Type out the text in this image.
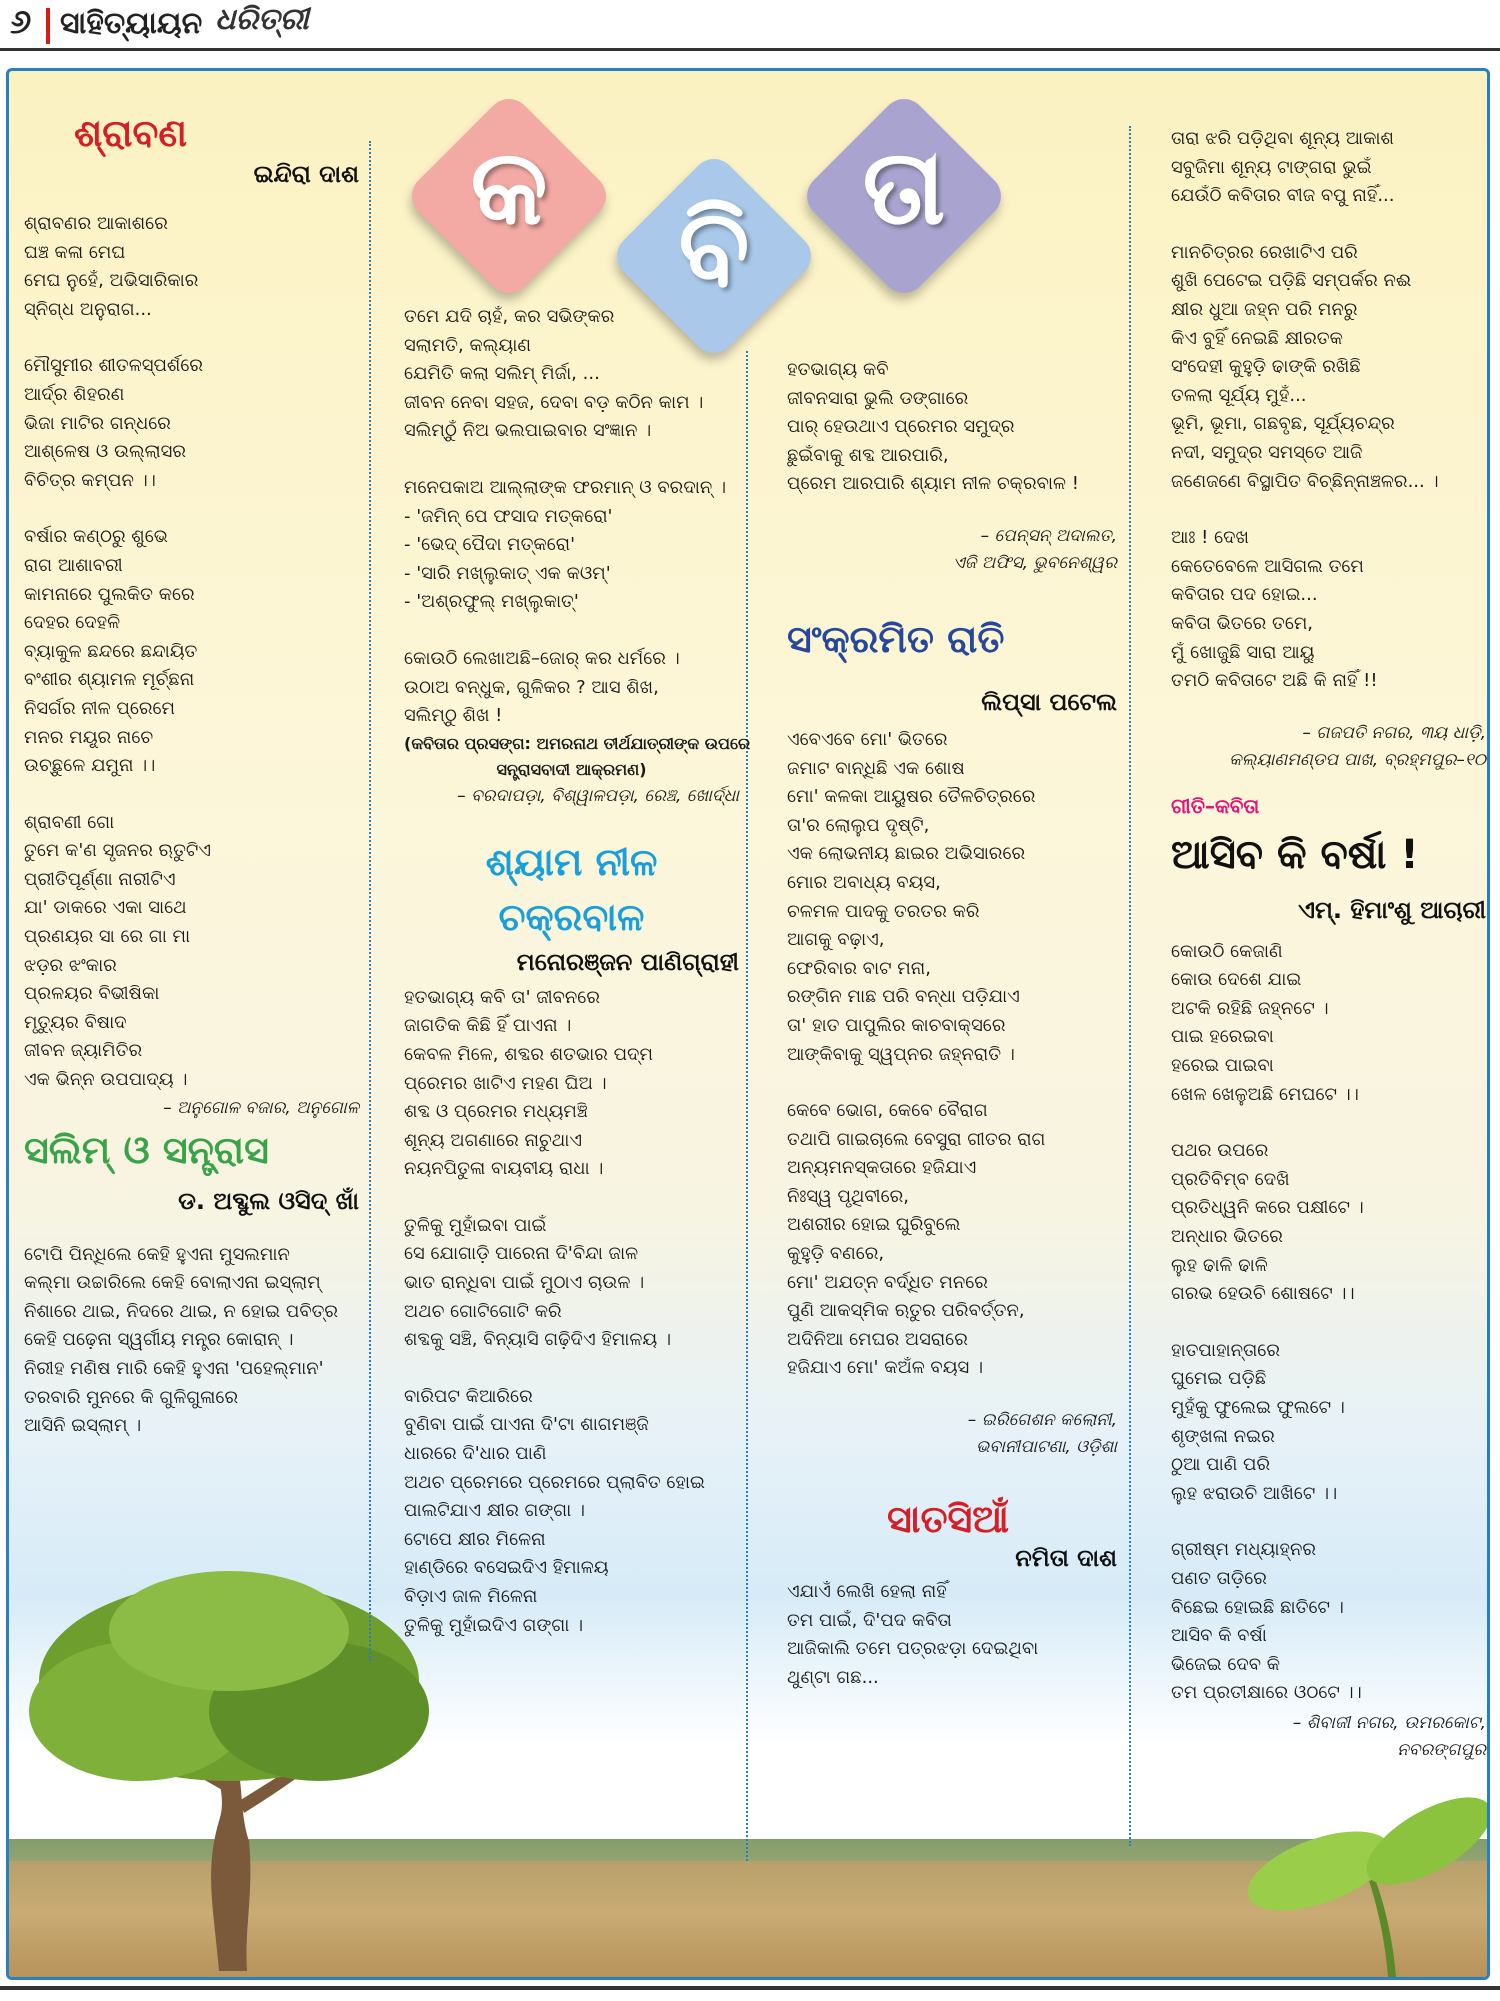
୬ ସାହିତ୍ୟାୟନ ଧରିତ୍ରୀ
କ	ବି	ତା
ଶ୍ରାବଣ
ଇନ୍ଦିରା ଦାଶ
ଶ୍ରାବଣର ଆକାଶରେ
ଘଞ୍ଚ କଳା ମେଘ
ମେଘ ନୁହେଁ, ଅଭିସାରିକାର
ସ୍ନିଗ୍ଧ ଅନୁରାଗ...
ମୌସୁମୀର ଶୀତଳସ୍ପର୍ଶରେ
ଆର୍ଦ୍ର ଶିହରଣ
ଭିଜା ମାଟିର ଗନ୍ଧରେ
ଆଶ୍ଳେଷ ଓ ଉଲ୍ଲାସର
ବିଚିତ୍ର କମ୍ପନ ।।
ବର୍ଷାର କଣ୍ଠରୁ ଶୁଭେ
ରାଗ ଆଶାବରୀ
କାମନାରେ ପୁଲକିତ କରେ
ଦେହର ଦେହଳି
ବ୍ୟାକୁଳ ଛନ୍ଦରେ ଛନ୍ଦାୟିତ
ବଂଶୀର ଶ୍ୟାମଳ ମୂର୍ଚ୍ଛନା
ନିସର୍ଗର ନୀଳ ପ୍ରେମେ
ମନର ମୟୂର ନାଚେ
ଉଚ୍ଛୁଳେ ଯମୁନା ।।
ଶ୍ରାବଣୀ ଗୋ
ତୁମେ କ'ଣ ସୃଜନର ଋତୁଟିଏ
ପ୍ରୀତିପୂର୍ଣ୍ଣା ନାରୀଟିଏ
ଯା' ଡାକରେ ଏକା ସାଥେ
ପ୍ରଣୟର ସା ରେ ଗା ମା
ଝଡ଼ର ଝଂକାର
ପ୍ରଳୟର ବିଭୀଷିକା
ମୃତ୍ୟୁର ବିଷାଦ
ଜୀବନ ଜ୍ୟାମିତିର
ଏକ ଭିନ୍ନ ଉପପାଦ୍ୟ ।
– ଅନୁଗୋଳ ବଜାର, ଅନୁଗୋଳ
ସଲିମ୍ ଓ ସନ୍ତ୍ରାସ
ଡ. ଅବ୍ଦୁଲ ଓସିଦ୍ ଖାଁ
ଟୋପି ପିନ୍ଧିଲେ କେହି ହୁଏନା ମୁସଲମାନ
କଲ୍‌ମା ଉଚ୍ଚାରିଲେ କେହି ବୋଲାଏନା ଇସ୍‌ଲାମ୍
ନିଶାରେ ଥାଇ, ନିଦରେ ଥାଇ, ନ ହୋଇ ପବିତ୍ର
କେହି ପଢ଼େନା ସ୍ୱର୍ଗୀୟ ମନ୍ତ୍ର କୋରାନ୍ ।
ନିରୀହ ମଣିଷ ମାରି କେହି ହୁଏନା 'ପହେଲ୍‌ମାନ'
ତରବାରି ମୁନରେ କି ଗୁଳିଗୁଳାରେ
ଆସିନି ଇସ୍‌ଲାମ୍ ।
ତମେ ଯଦି ଚାହଁ, କର ସଭିଙ୍କର
ସଲାମତି, କଲ୍ୟାଣ
ଯେମିତି କଲା ସଲିମ୍ ମିର୍ଜା, ...
ଜୀବନ ନେବା ସହଜ, ଦେବା ବଡ଼ କଠିନ କାମ ।
ସଲିମ୍‌ଠୁଁ ନିଅ ଭଲପାଇବାର ସଂଜ୍ଞାନ ।
ମନେପକାଅ ଆଲ୍ଲାଙ୍କ ଫରମାନ୍ ଓ ବରଦାନ୍ ।
- 'ଜମିନ୍ ପେ ଫସାଦ ମତ୍‌କରୋ'
- 'ଭେଦ୍ ପୈଦା ମତ୍‌କରୋ'
- 'ସାରି ମଖ୍‌ଲୁକାତ୍ ଏକ କଓମ୍'
- 'ଅଶ୍‌ରଫୁଲ୍ ମଖ୍‌ଲୁକାତ୍'
କୋଉଠି ଲେଖାଅଛି–ଜୋର୍ କର ଧର୍ମରେ ।
ଉଠାଅ ବନ୍ଧୁକ, ଗୁଳିକର ? ଆସ ଶିଖ,
ସଲିମ୍‌ଠୁ ଶିଖ !
(କବିତାର ପ୍ରସଙ୍ଗ: ଅମରନାଥ ତୀର୍ଥଯାତ୍ରୀଙ୍କ ଉପରେ
ସନ୍ତ୍ରାସବାଦୀ ଆକ୍ରମଣ)
– ବରଦାପଡ଼ା, ବିଶ୍ୱାଳପଡ଼ା, ରେଞ୍ଚ, ଖୋର୍ଦ୍ଧା
ଶ୍ୟାମ ନୀଳ
ଚକ୍ରବାଳ
ମନୋରଞ୍ଜନ ପାଣିଗ୍ରାହୀ
ହତଭାଗ୍ୟ କବି ତା' ଜୀବନରେ
ଜାଗତିକ କିଛି ହିଁ ପାଏନା ।
କେବଳ ମିଳେ, ଶବ୍ଦର ଶତଭାର ପଦ୍ମ
ପ୍ରେମର ଖାଟିଏ ମହଣ ଘିଅ ।
ଶବ୍ଦ ଓ ପ୍ରେମର ମଧ୍ୟମଞ୍ଚି
ଶୂନ୍ୟ ଅଗଣାରେ ନାଚୁଥାଏ
ନୟନପିତୁଳା ବାୟବୀୟ ରାଧା ।
ତୁଳିକୁ ମୁହାଁଇବା ପାଇଁ
ସେ ଯୋଗାଡ଼ି ପାରେନା ଦି'ବିନ୍ଦା ଜାଳ
ଭାତ ରାନ୍ଧିବା ପାଇଁ ମୁଠାଏ ଚାଉଳ ।
ଅଥଚ ଗୋଟିଗୋଟି କରି
ଶବ୍ଦକୁ ସଞ୍ଚି, ବିନ୍ୟାସି ଗଢ଼ିଦିଏ ହିମାଳୟ ।
ବାରିପଟ କିଆରିରେ
ବୁଣିବା ପାଇଁ ପାଏନା ଦି'ଟା ଶାଗମଞ୍ଜି
ଧାରରେ ଦି'ଧାର ପାଣି
ଅଥଚ ପ୍ରେମରେ ପ୍ରେମରେ ପ୍ଲାବିତ ହୋଇ
ପାଲଟିଯାଏ କ୍ଷୀର ଗଙ୍ଗା ।
ଟୋପେ କ୍ଷୀର ମିଳେନା
ହାଣ୍ଡିରେ ବସେଇଦିଏ ହିମାଳୟ
ବିଡ଼ାଏ ଜାଳ ମିଳେନା
ତୁଳିକୁ ମୁହାଁଇଦିଏ ଗଙ୍ଗା ।
ହତଭାଗ୍ୟ କବି
ଜୀବନସାରା ଭୁଲି ଡଙ୍ଗାରେ
ପାର୍ ହେଉଥାଏ ପ୍ରେମର ସମୁଦ୍ର
ଛୁଇଁବାକୁ ଶବ୍ଦ ଆରପାରି,
ପ୍ରେମ ଆରପାରି ଶ୍ୟାମ ନୀଳ ଚକ୍ରବାଳ !
– ପେନ୍‌ସନ୍ ଅଦାଲତ,
ଏଜି ଅଫିସ, ଭୁବନେଶ୍ୱର
ସଂକ୍ରମିତ ରାତି
ଲିପ୍‌ସା ପଟେଲ
ଏବେଏବେ ମୋ' ଭିତରେ
ଜମାଟ ବାନ୍ଧିଛି ଏକ ଶୋଷ
ମୋ' କଳକା ଆୟୁଷର ତୈଳଚିତ୍ରରେ
ତା'ର ଲୋଲୁପ ଦୃଷ୍ଟି,
ଏକ ଲୋଭନୀୟ ଛାଇର ଅଭିସାରରେ
ମୋର ଅବାଧ୍ୟ ବୟସ,
ଚଳମଳ ପାଦକୁ ତରତର କରି
ଆଗକୁ ବଢ଼ାଏ,
ଫେରିବାର ବାଟ ମନା,
ରଙ୍ଗିନ ମାଛ ପରି ବନ୍ଧା ପଡ଼ିଯାଏ
ତା' ହାତ ପାପୁଲିର କାଚବାକ୍ସରେ
ଆଙ୍କିବାକୁ ସ୍ୱପ୍ନର ଜହ୍ନରାତି ।
କେବେ ଭୋଗ, କେବେ ବୈରାଗ
ତଥାପି ଗାଇଚାଲେ ବେସୁରା ଗୀତର ରାଗ
ଅନ୍ୟମନସ୍କତାରେ ହଜିଯାଏ
ନିଃସ୍ୱ ପୃଥିବୀରେ,
ଅଶରୀର ହୋଇ ଘୁରିବୁଲେ
କୁହୁଡ଼ି ବଣରେ,
ମୋ' ଅଯତ୍ନ ବର୍ଦ୍ଧିତ ମନରେ
ପୁଣି ଆକସ୍ମିକ ଋତୁର ପରିବର୍ତ୍ତନ,
ଅଦିନିଆ ମେଘର ଅସରାରେ
ହଜିଯାଏ ମୋ' କଅଁଳ ବୟସ ।
– ଇରିଗେଶନ କଲୋନୀ,
ଭବାନୀପାଟଣା, ଓଡ଼ିଶା
ସାତସିଆଁ
ନମିତା ଦାଶ
ଏଯାଏଁ ଲେଖି ହେଲା ନାହିଁ
ତମ ପାଇଁ, ଦି'ପଦ କବିତା
ଆଜିକାଲି ତମେ ପତ୍ରଝଡ଼ା ଦେଇଥିବା
ଥୁଣ୍ଟା ଗଛ...
ତାରା ଝରି ପଡ଼ିଥିବା ଶୂନ୍ୟ ଆକାଶ
ସବୁଜିମା ଶୂନ୍ୟ ଟାଙ୍ଗରା ଭୁଇଁ
ଯେଉଁଠି କବିତାର ବୀଜ ବପୁ ନାହିଁ...
ମାନଚିତ୍ରର ରେଖାଟିଏ ପରି
ଶୁଖି ପେଟେଇ ପଡ଼ିଛି ସମ୍ପର୍କର ନଈ
କ୍ଷୀର ଧୁଆ ଜହ୍ନ ପରି ମନରୁ
କିଏ ବୁହିଁ ନେଇଛି କ୍ଷୀରତକ
ସଂଦେହୀ କୁହୁଡ଼ି ଢାଙ୍କି ରଖିଛି
ତଳଲା ସୂର୍ଯ୍ୟ ମୁହଁ...
ଭୂମି, ଭୂମା, ଗଛବୃଛ, ସୂର୍ଯ୍ୟଚନ୍ଦ୍ର
ନଦୀ, ସମୁଦ୍ର ସମସ୍ତେ ଆଜି
ଜଣେଜଣେ ବିସ୍ଥାପିତ ବିଚ୍ଛିନ୍ନାଞ୍ଚଳର... ।
ଆଃ ! ଦେଖ
କେତେବେଳେ ଆସିଗଲ ତମେ
କବିତାର ପଦ ହୋଇ...
କବିତା ଭିତରେ ତମେ,
ମୁଁ ଖୋଜୁଛି ସାରା ଆୟୁ
ତମଠି କବିତାଟେ ଅଛି କି ନାହିଁ !!
– ଗଜପତି ନଗର, ୩ୟ ଧାଡ଼ି,
କଲ୍ୟାଣମଣ୍ଡପ ପାଖ, ବ୍ରହ୍ମପୁର–୧୦
ଗୀତି–କବିତା
ଆସିବ କି ବର୍ଷା !
ଏମ୍. ହିମାଂଶୁ ଆଚାରୀ
କୋଉଠି କେଜାଣି
କୋଉ ଦେଶେ ଯାଇ
ଅଟକି ରହିଛି ଜହ୍ନଟେ ।
ପାଇ ହରେଇବା
ହରେଇ ପାଇବା
ଖେଳ ଖେଳୁଅଛି ମେଘଟେ ।।
ପଥର ଉପରେ
ପ୍ରତିବିମ୍ବ ଦେଖି
ପ୍ରତିଧ୍ୱନି କରେ ପକ୍ଷୀଟେ ।
ଅନ୍ଧାର ଭିତରେ
ଲୁହ ଢାଳି ଢାଳି
ଗରଭ ହେଉଚି ଶୋଷଟେ ।।
ହାତପାହାନ୍ତାରେ
ଘୁମେଇ ପଡ଼ିଛି
ମୁହଁକୁ ଫୁଲେଇ ଫୁଲଟେ ।
ଶୃଙ୍ଖଳା ନଇର
ଠୁଆ ପାଣି ପରି
ଲୁହ ଝରାଉଚି ଆଖିଟେ ।।
ଗ୍ରୀଷ୍ମ ମଧ୍ୟାହ୍ନର
ପଣତ ତାଡ଼ିରେ
ବିଛେଇ ହୋଇଛି ଛାତିଟେ ।
ଆସିବ କି ବର୍ଷା
ଭିଜେଇ ଦେବ କି
ତମ ପ୍ରତୀକ୍ଷାରେ ଓଠଟେ ।।
– ଶିବାଜୀ ନଗର, ଉମରକୋଟ,
ନବରଙ୍ଗପୁର
